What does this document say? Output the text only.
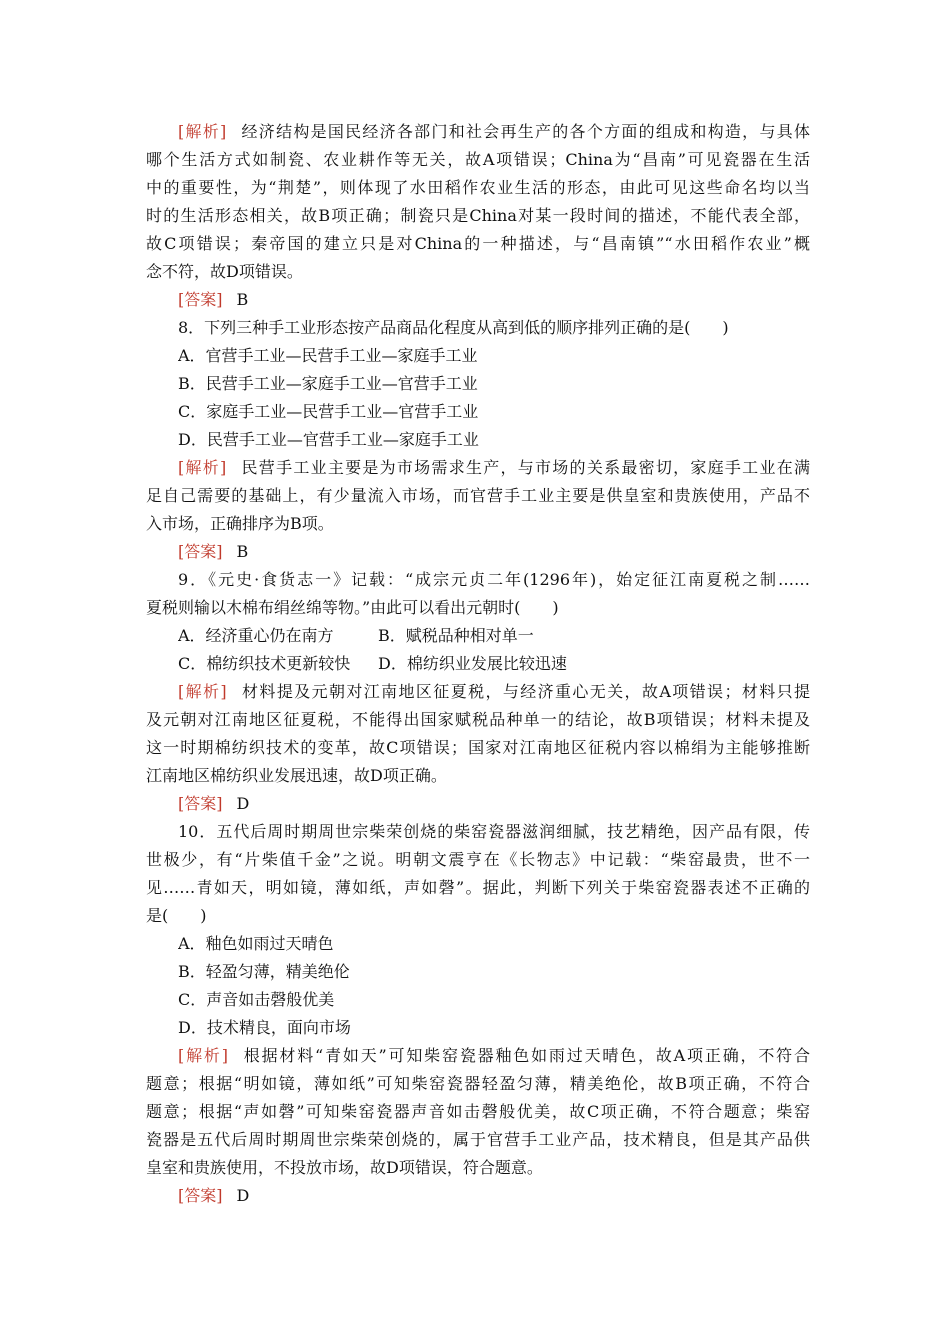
[解析] 经济结构是国民经济各部门和社会再生产的各个方面的组成和构造，与具体
哪个生活方式如制瓷、农业耕作等无关，故A项错误；China为“昌南”可见瓷器在生活
中的重要性，为“荆楚”，则体现了水田稻作农业生活的形态，由此可见这些命名均以当
时的生活形态相关，故B项正确；制瓷只是China对某一段时间的描述，不能代表全部，
故C项错误；秦帝国的建立只是对China的一种描述，与“昌南镇”“水田稻作农业”概
念不符，故D项错误。
[答案] B
8．下列三种手工业形态按产品商品化程度从高到低的顺序排列正确的是(　　)
A．官营手工业—民营手工业—家庭手工业
B．民营手工业—家庭手工业—官营手工业
C．家庭手工业—民营手工业—官营手工业
D．民营手工业—官营手工业—家庭手工业
[解析] 民营手工业主要是为市场需求生产，与市场的关系最密切，家庭手工业在满
足自己需要的基础上，有少量流入市场，而官营手工业主要是供皇室和贵族使用，产品不
入市场，正确排序为B项。
[答案] B
9．《元史·食货志一》记载：“成宗元贞二年(1296年)，始定征江南夏税之制……
夏税则输以木棉布绢丝绵等物。”由此可以看出元朝时(　　)
A．经济重心仍在南方	B．赋税品种相对单一
C．棉纺织技术更新较快 D．棉纺织业发展比较迅速
[解析] 材料提及元朝对江南地区征夏税，与经济重心无关，故A项错误；材料只提
及元朝对江南地区征夏税，不能得出国家赋税品种单一的结论，故B项错误；材料未提及
这一时期棉纺织技术的变革，故C项错误；国家对江南地区征税内容以棉绢为主能够推断
江南地区棉纺织业发展迅速，故D项正确。
[答案] D
10．五代后周时期周世宗柴荣创烧的柴窑瓷器滋润细腻，技艺精绝，因产品有限，传
世极少，有“片柴值千金”之说。明朝文震亨在《长物志》中记载：“柴窑最贵，世不一
见……青如天，明如镜，薄如纸，声如磬”。据此，判断下列关于柴窑瓷器表述不正确的
是(　　)
A．釉色如雨过天晴色
B．轻盈匀薄，精美绝伦
C．声音如击磬般优美
D．技术精良，面向市场
[解析] 根据材料“青如天”可知柴窑瓷器釉色如雨过天晴色，故A项正确，不符合
题意；根据“明如镜，薄如纸”可知柴窑瓷器轻盈匀薄，精美绝伦，故B项正确，不符合
题意；根据“声如磬”可知柴窑瓷器声音如击磬般优美，故C项正确，不符合题意；柴窑
瓷器是五代后周时期周世宗柴荣创烧的，属于官营手工业产品，技术精良，但是其产品供
皇室和贵族使用，不投放市场，故D项错误，符合题意。
[答案] D
